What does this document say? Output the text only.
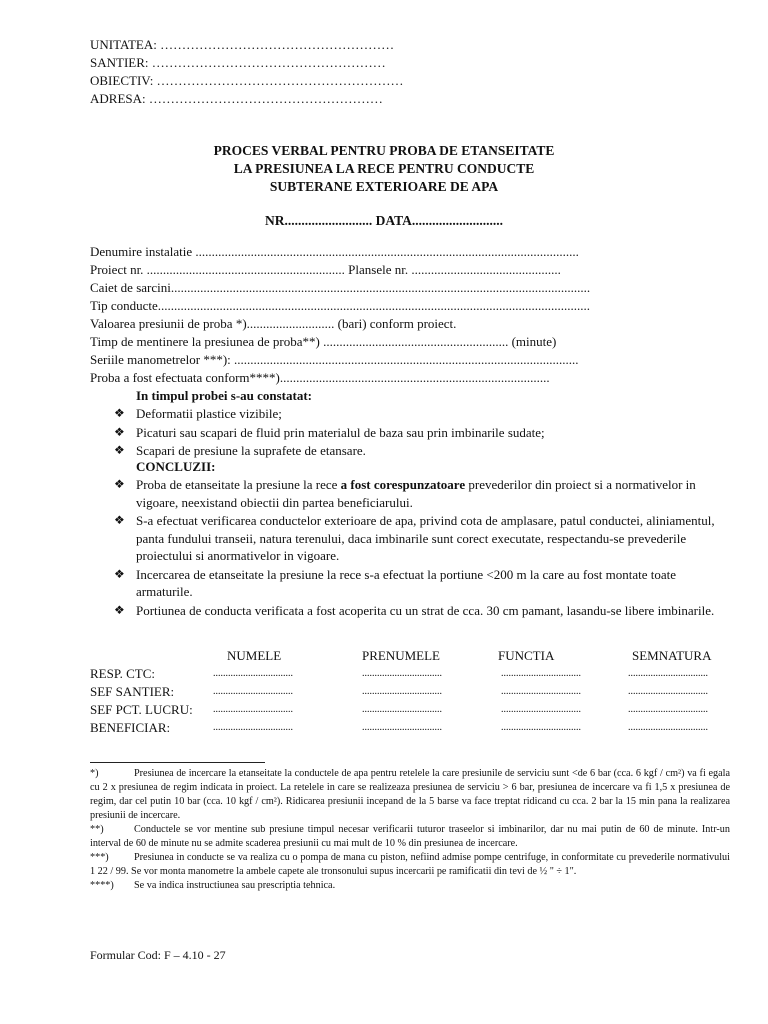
UNITATEA: ………………………………………………
SANTIER: ………………………………………………
OBIECTIV: …………………………………………………
ADRESA: ………………………………………………
PROCES VERBAL PENTRU PROBA DE ETANSEITATE
LA PRESIUNEA LA RECE PENTRU CONDUCTE
SUBTERANE EXTERIOARE DE APA
NR.......................... DATA...........................
Denumire instalatie ......................................................................................................................
Proiect nr. ............................................................. Plansele nr. ..............................................
Caiet de sarcini.................................................................................................................................
Tip conducte.....................................................................................................................................
Valoarea presiunii de proba *)........................... (bari) conform proiect.
Timp de mentinere la presiunea de proba**) ......................................................... (minute)
Seriile manometrelor ***): ..........................................................................................................
Proba a fost efectuata conform****)...................................................................................
In timpul probei s-au constatat:
❖ Deformatii plastice vizibile;
❖ Picaturi sau scapari de fluid prin materialul de baza sau prin imbinarile sudate;
❖ Scapari de presiune la suprafete de etansare.
CONCLUZII:
❖ Proba de etanseitate la presiune la rece a fost corespunzatoare prevederilor din proiect si a normativelor in vigoare, neexistand obiectii din partea beneficiarului.
❖ S-a efectuat verificarea conductelor exterioare de apa, privind cota de amplasare, patul conductei, aliniamentul, panta fundului transeii, natura terenului, daca imbinarile sunt corect executate, respectandu-se prevederile proiectului si anormativelor in vigoare.
❖ Incercarea de etanseitate la presiune la rece s-a efectuat la portiune <200 m la care au fost montate toate armaturile.
❖ Portiunea de conducta verificata a fost acoperita cu un strat de cca. 30 cm pamant, lasandu-se libere imbinarile.
NUMELE	PRENUMELE	FUNCTIA	SEMNATURA
RESP. CTC:	................................	................................	................................	................................
SEF SANTIER:	................................	................................	................................	................................
SEF PCT. LUCRU: ................................	................................	................................	................................
BENEFICIAR:	................................	................................	................................	................................
*)	Presiunea de incercare la etanseitate la conductele de apa pentru retelele la care presiunile de serviciu sunt <de 6 bar (cca. 6 kgf / cm²) va fi egala cu 2 x presiunea de regim indicata in proiect. La retelele in care se realizeaza presiunea de serviciu > 6 bar, presiunea de incercare va fi 1,5 x presiunea de regim, dar cel putin 10 bar (cca. 10 kgf / cm²). Ridicarea presiunii incepand de la 5 barse va face treptat ridicand cu cca. 2 bar la 15 min pana la realizarea presiunii de incercare.
**)	Conductele se vor mentine sub presiune timpul necesar verificarii tuturor traseelor si imbinarilor, dar nu mai putin de 60 de minute. Intr-un interval de 60 de minute nu se admite scaderea presiunii cu mai mult de 10 % din presiunea de incercare.
***) Presiunea in conducte se va realiza cu o pompa de mana cu piston, nefiind admise pompe centrifuge, in conformitate cu prevederile normativului 1 22 / 99. Se vor monta manometre la ambele capete ale tronsonului supus incercarii pe ramificatii din tevi de ½ " ÷ 1".
****) Se va indica instructiunea sau prescriptia tehnica.
Formular Cod: F – 4.10 - 27
